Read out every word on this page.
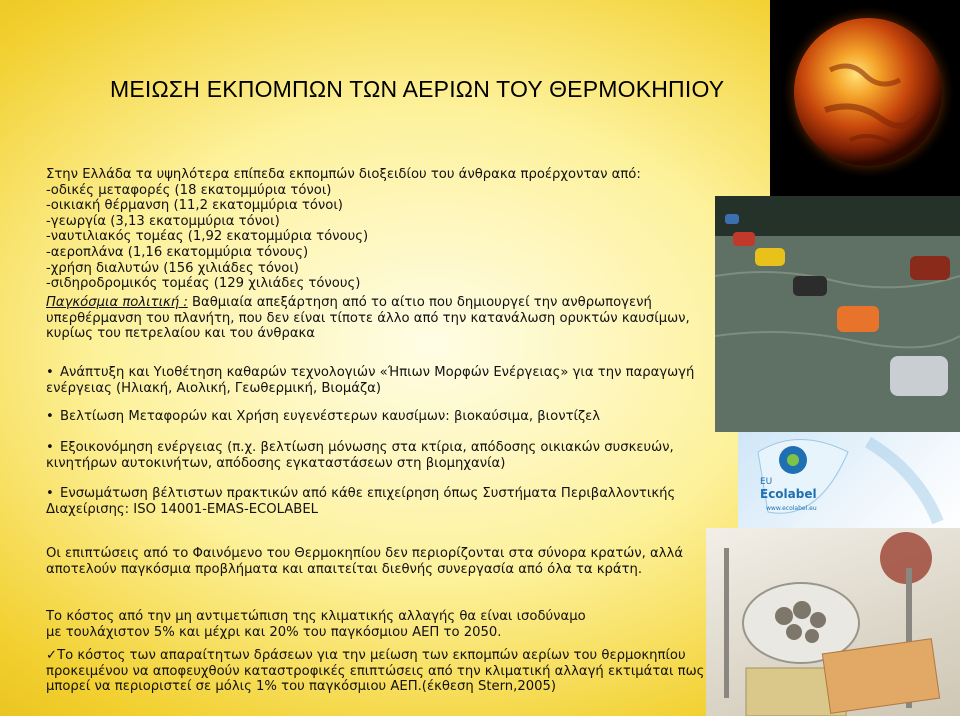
ΜΕΙΩΣΗ ΕΚΠΟΜΠΩΝ ΤΩΝ ΑΕΡΙΩΝ ΤΟΥ ΘΕΡΜΟΚΗΠΙΟΥ

Στην Ελλάδα τα υψηλότερα επίπεδα εκπομπών διοξειδίου του άνθρακα προέρχονταν από:

-οδικές μεταφορές (18 εκατομμύρια τόνοι)

-οικιακή θέρμανση (11,2 εκατομμύρια τόνοι)

-γεωργία (3,13 εκατομμύρια τόνοι)

-ναυτιλιακός τομέας (1,92 εκατομμύρια τόνους)

-αεροπλάνα (1,16 εκατομμύρια τόνους)

-χρήση διαλυτών (156 χιλιάδες τόνοι)

-σιδηροδρομικός τομέας (129 χιλιάδες τόνους)

Παγκόσμια πολιτική : Βαθμιαία απεξάρτηση από το αίτιο που δημιουργεί την ανθρωπογενή υπερθέρμανση του πλανήτη, που δεν είναι τίποτε άλλο από την κατανάλωση ορυκτών καυσίμων, κυρίως του πετρελαίου και του άνθρακα

• Ανάπτυξη και Υιοθέτηση καθαρών τεχνολογιών «Ήπιων Μορφών Ενέργειας» για την παραγωγή ενέργειας (Ηλιακή, Αιολική, Γεωθερμική, Βιομάζα)
• Βελτίωση Μεταφορών και Χρήση ευγενέστερων καυσίμων: βιοκαύσιμα, βιοντίζελ
• Εξοικονόμηση ενέργειας (π.χ. βελτίωση μόνωσης στα κτίρια, απόδοσης οικιακών συσκευών, κινητήρων αυτοκινήτων, απόδοσης εγκαταστάσεων στη βιομηχανία)
• Ενσωμάτωση βέλτιστων πρακτικών από κάθε επιχείρηση όπως Συστήματα Περιβαλλοντικής Διαχείρισης: ISO 14001-EMAS-ECOLABEL
Οι επιπτώσεις από το Φαινόμενο του Θερμοκηπίου δεν περιορίζονται στα σύνορα κρατών, αλλά αποτελούν παγκόσμια προβλήματα και απαιτείται διεθνής συνεργασία από όλα τα κράτη.

Το κόστος από την μη αντιμετώπιση της κλιματικής αλλαγής θα είναι ισοδύναμο

με τουλάχιστον 5% και μέχρι και 20% του παγκόσμιου ΑΕΠ το 2050.

✓Το κόστος των απαραίτητων δράσεων για την μείωση των εκπομπών αερίων του θερμοκηπίου προκειμένου να αποφευχθούν καταστροφικές επιπτώσεις από την κλιματική αλλαγή εκτιμάται πως μπορεί να περιοριστεί σε μόλις 1% του παγκόσμιου ΑΕΠ.(έκθεση Stern,2005)

EU
Ecolabel
www.ecolabel.eu
